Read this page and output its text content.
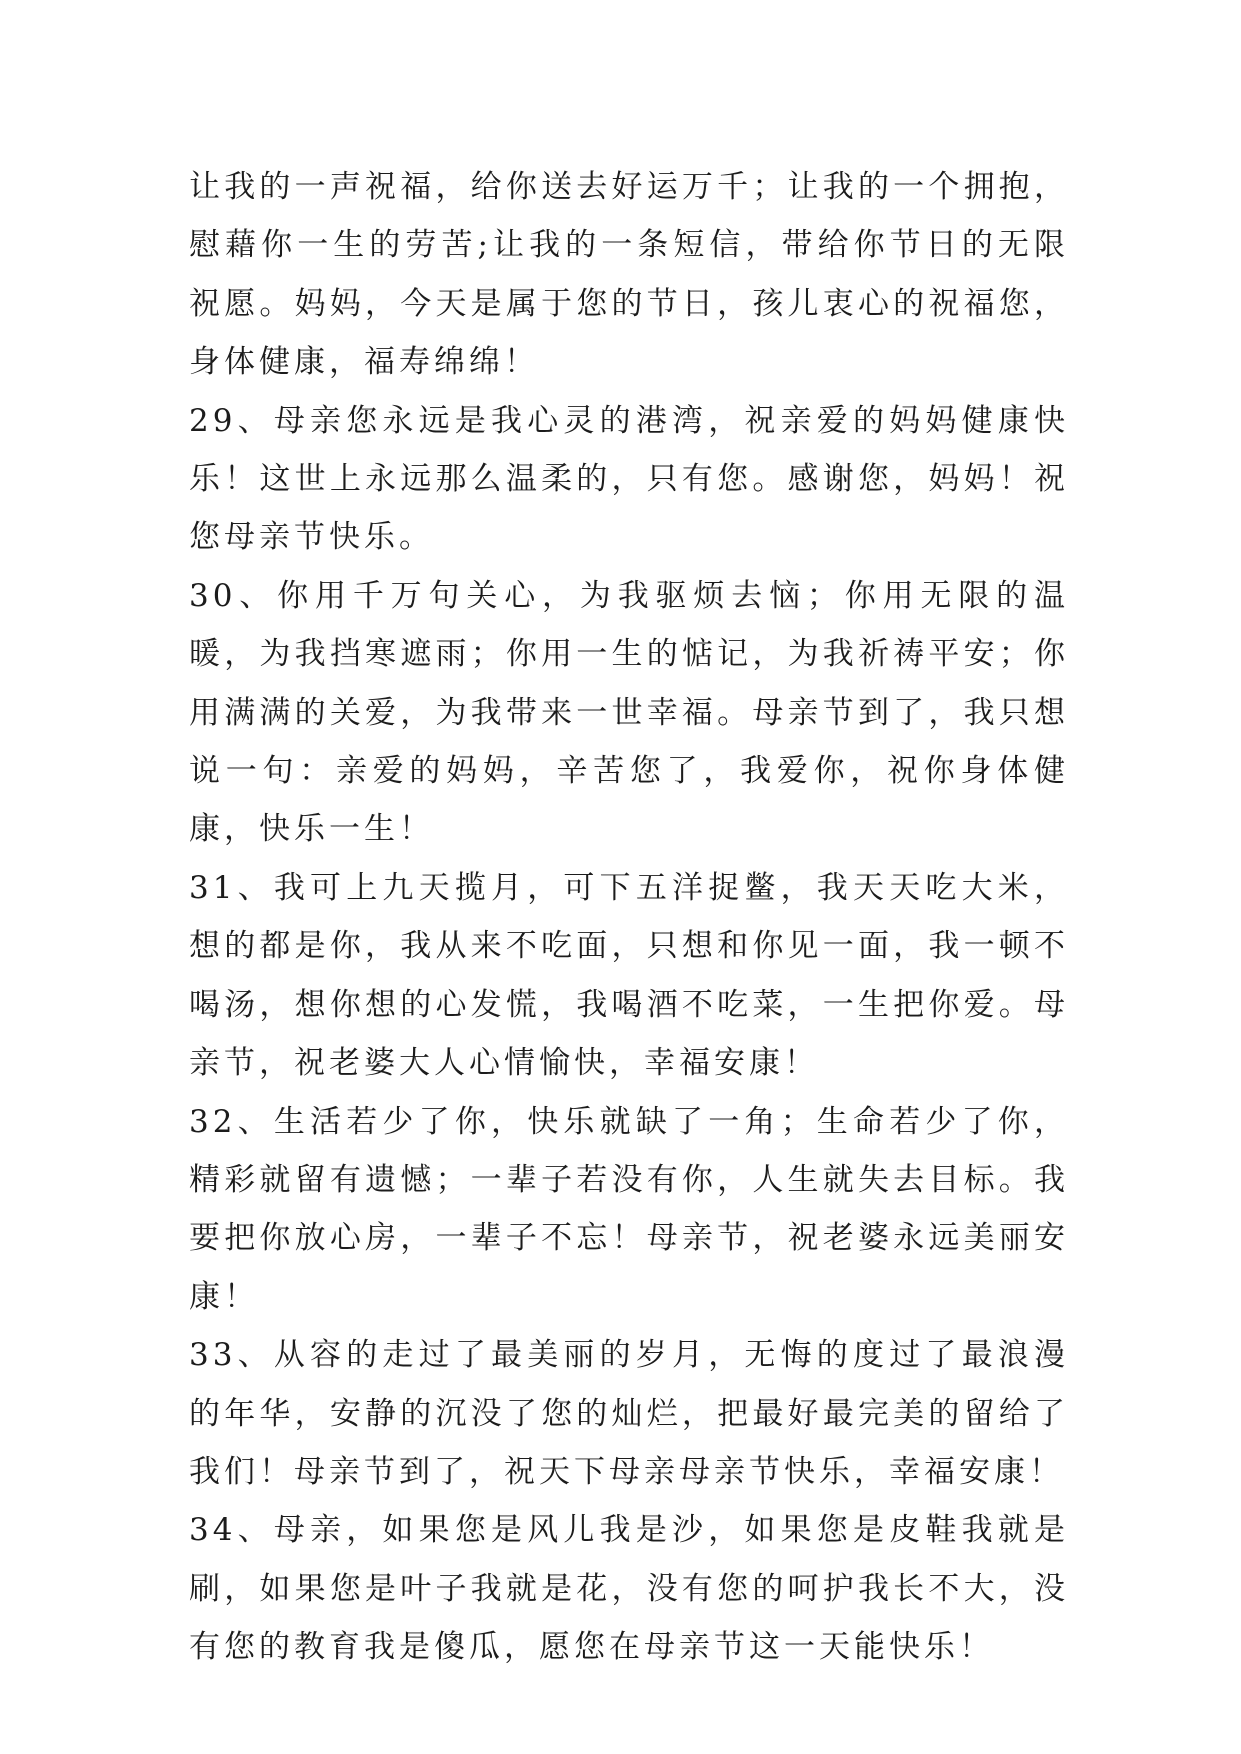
让我的一声祝福，给你送去好运万千；让我的一个拥抱，慰藉你一生的劳苦;让我的一条短信，带给你节日的无限祝愿。妈妈，今天是属于您的节日，孩儿衷心的祝福您，身体健康，福寿绵绵！

29、母亲您永远是我心灵的港湾，祝亲爱的妈妈健康快乐！这世上永远那么温柔的，只有您。感谢您，妈妈！祝您母亲节快乐。

30、你用千万句关心，为我驱烦去恼；你用无限的温暖，为我挡寒遮雨；你用一生的惦记，为我祈祷平安；你用满满的关爱，为我带来一世幸福。母亲节到了，我只想说一句：亲爱的妈妈，辛苦您了，我爱你，祝你身体健康，快乐一生！

31、我可上九天揽月，可下五洋捉鳖，我天天吃大米，想的都是你，我从来不吃面，只想和你见一面，我一顿不喝汤，想你想的心发慌，我喝酒不吃菜，一生把你爱。母亲节，祝老婆大人心情愉快，幸福安康！

32、生活若少了你，快乐就缺了一角；生命若少了你，精彩就留有遗憾；一辈子若没有你，人生就失去目标。我要把你放心房，一辈子不忘！母亲节，祝老婆永远美丽安康！

33、从容的走过了最美丽的岁月，无悔的度过了最浪漫的年华，安静的沉没了您的灿烂，把最好最完美的留给了我们！母亲节到了，祝天下母亲母亲节快乐，幸福安康！

34、母亲，如果您是风儿我是沙，如果您是皮鞋我就是刷，如果您是叶子我就是花，没有您的呵护我长不大，没有您的教育我是傻瓜，愿您在母亲节这一天能快乐！
